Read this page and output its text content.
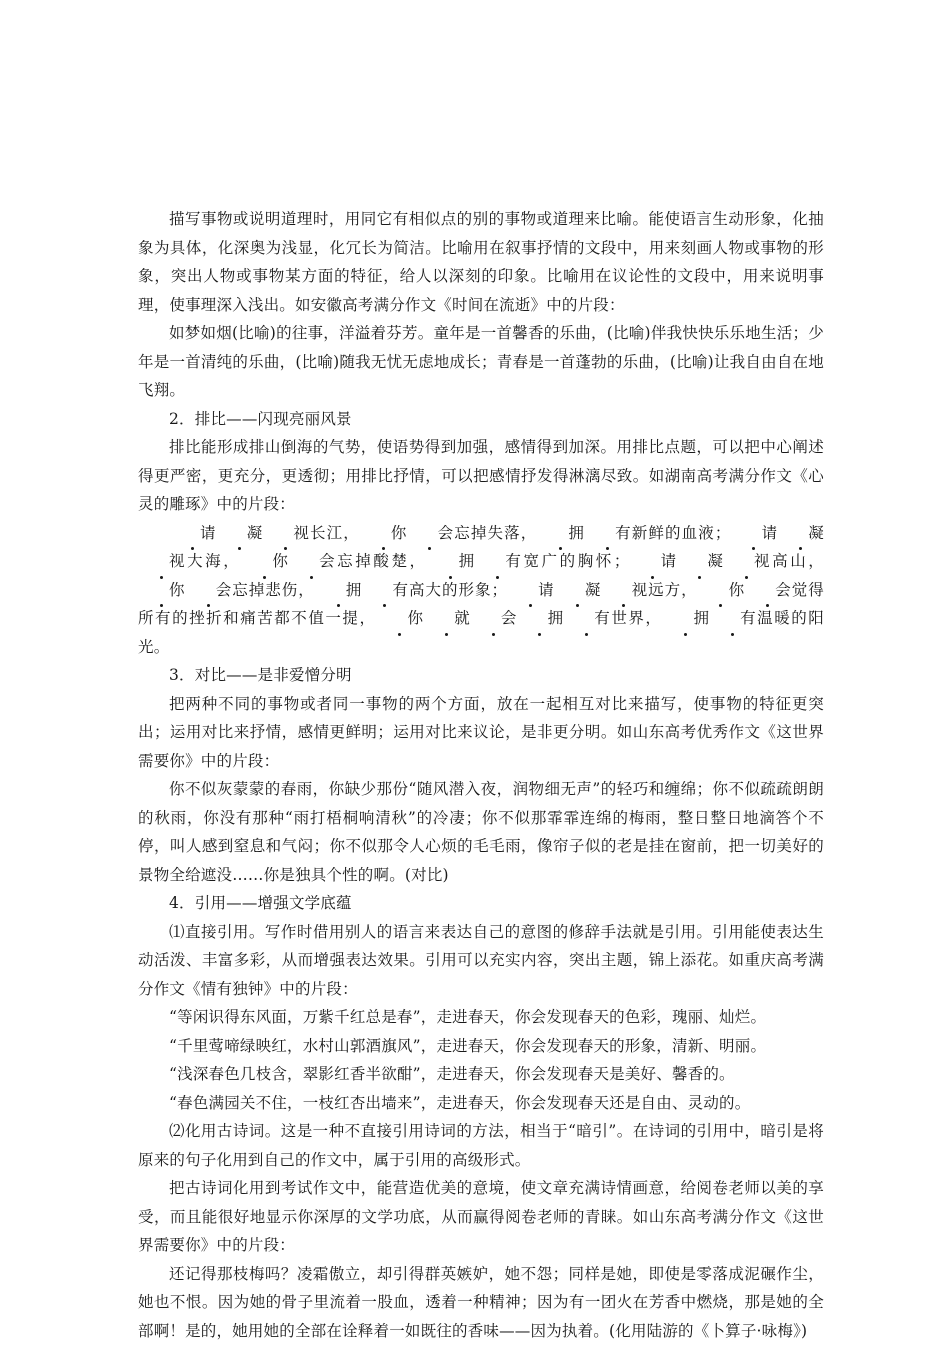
描写事物或说明道理时，用同它有相似点的别的事物或道理来比喻。能使语言生动形象，化抽象为具体，化深奥为浅显，化冗长为简洁。比喻用在叙事抒情的文段中，用来刻画人物或事物的形象，突出人物或事物某方面的特征，给人以深刻的印象。比喻用在议论性的文段中，用来说明事理，使事理深入浅出。如安徽高考满分作文《时间在流逝》中的片段：

如梦如烟(比喻)的往事，洋溢着芬芳。童年是一首馨香的乐曲，(比喻)伴我快快乐乐地生活；少年是一首清纯的乐曲，(比喻)随我无忧无虑地成长；青春是一首蓬勃的乐曲，(比喻)让我自由自在地飞翔。

2．排比——闪现亮丽风景

排比能形成排山倒海的气势，使语势得到加强，感情得到加深。用排比点题，可以把中心阐述得更严密，更充分，更透彻；用排比抒情，可以把感情抒发得淋漓尽致。如湖南高考满分作文《心灵的雕琢》中的片段：

请 凝 视长江， 你 会忘掉失落， 拥 有新鲜的血液； 请 凝视大海， 你 会忘掉酸楚， 拥 有宽广的胸怀； 请 凝 视高山，你 会忘掉悲伤， 拥 有高大的形象； 请 凝 视远方， 你 会觉得所有的挫折和痛苦都不值一提， 你 就 会 拥 有世界， 拥 有温暖的阳光。

3．对比——是非爱憎分明

把两种不同的事物或者同一事物的两个方面，放在一起相互对比来描写，使事物的特征更突出；运用对比来抒情，感情更鲜明；运用对比来议论，是非更分明。如山东高考优秀作文《这世界需要你》中的片段：

你不似灰蒙蒙的春雨，你缺少那份“随风潜入夜，润物细无声”的轻巧和缠绵；你不似疏疏朗朗的秋雨，你没有那种“雨打梧桐响清秋”的冷凄；你不似那霏霏连绵的梅雨，整日整日地滴答个不停，叫人感到窒息和气闷；你不似那令人心烦的毛毛雨，像帘子似的老是挂在窗前，把一切美好的景物全给遮没……你是独具个性的啊。(对比)

4．引用——增强文学底蕴

⑴直接引用。写作时借用别人的语言来表达自己的意图的修辞手法就是引用。引用能使表达生动活泼、丰富多彩，从而增强表达效果。引用可以充实内容，突出主题，锦上添花。如重庆高考满分作文《情有独钟》中的片段：

“等闲识得东风面，万紫千红总是春”，走进春天，你会发现春天的色彩，瑰丽、灿烂。

“千里莺啼绿映红，水村山郭酒旗风”，走进春天，你会发现春天的形象，清新、明丽。

“浅深春色几枝含，翠影红香半欲酣”，走进春天，你会发现春天是美好、馨香的。

“春色满园关不住，一枝红杏出墙来”，走进春天，你会发现春天还是自由、灵动的。

⑵化用古诗词。这是一种不直接引用诗词的方法，相当于“暗引”。在诗词的引用中，暗引是将原来的句子化用到自己的作文中，属于引用的高级形式。

把古诗词化用到考试作文中，能营造优美的意境，使文章充满诗情画意，给阅卷老师以美的享受，而且能很好地显示你深厚的文学功底，从而赢得阅卷老师的青睐。如山东高考满分作文《这世界需要你》中的片段：

还记得那枝梅吗？凌霜傲立，却引得群英嫉妒，她不怨；同样是她，即使是零落成泥碾作尘，她也不恨。因为她的骨子里流着一股血，透着一种精神；因为有一团火在芳香中燃烧，那是她的全部啊！是的，她用她的全部在诠释着一如既往的香味——因为执着。(化用陆游的《卜算子·咏梅》)
